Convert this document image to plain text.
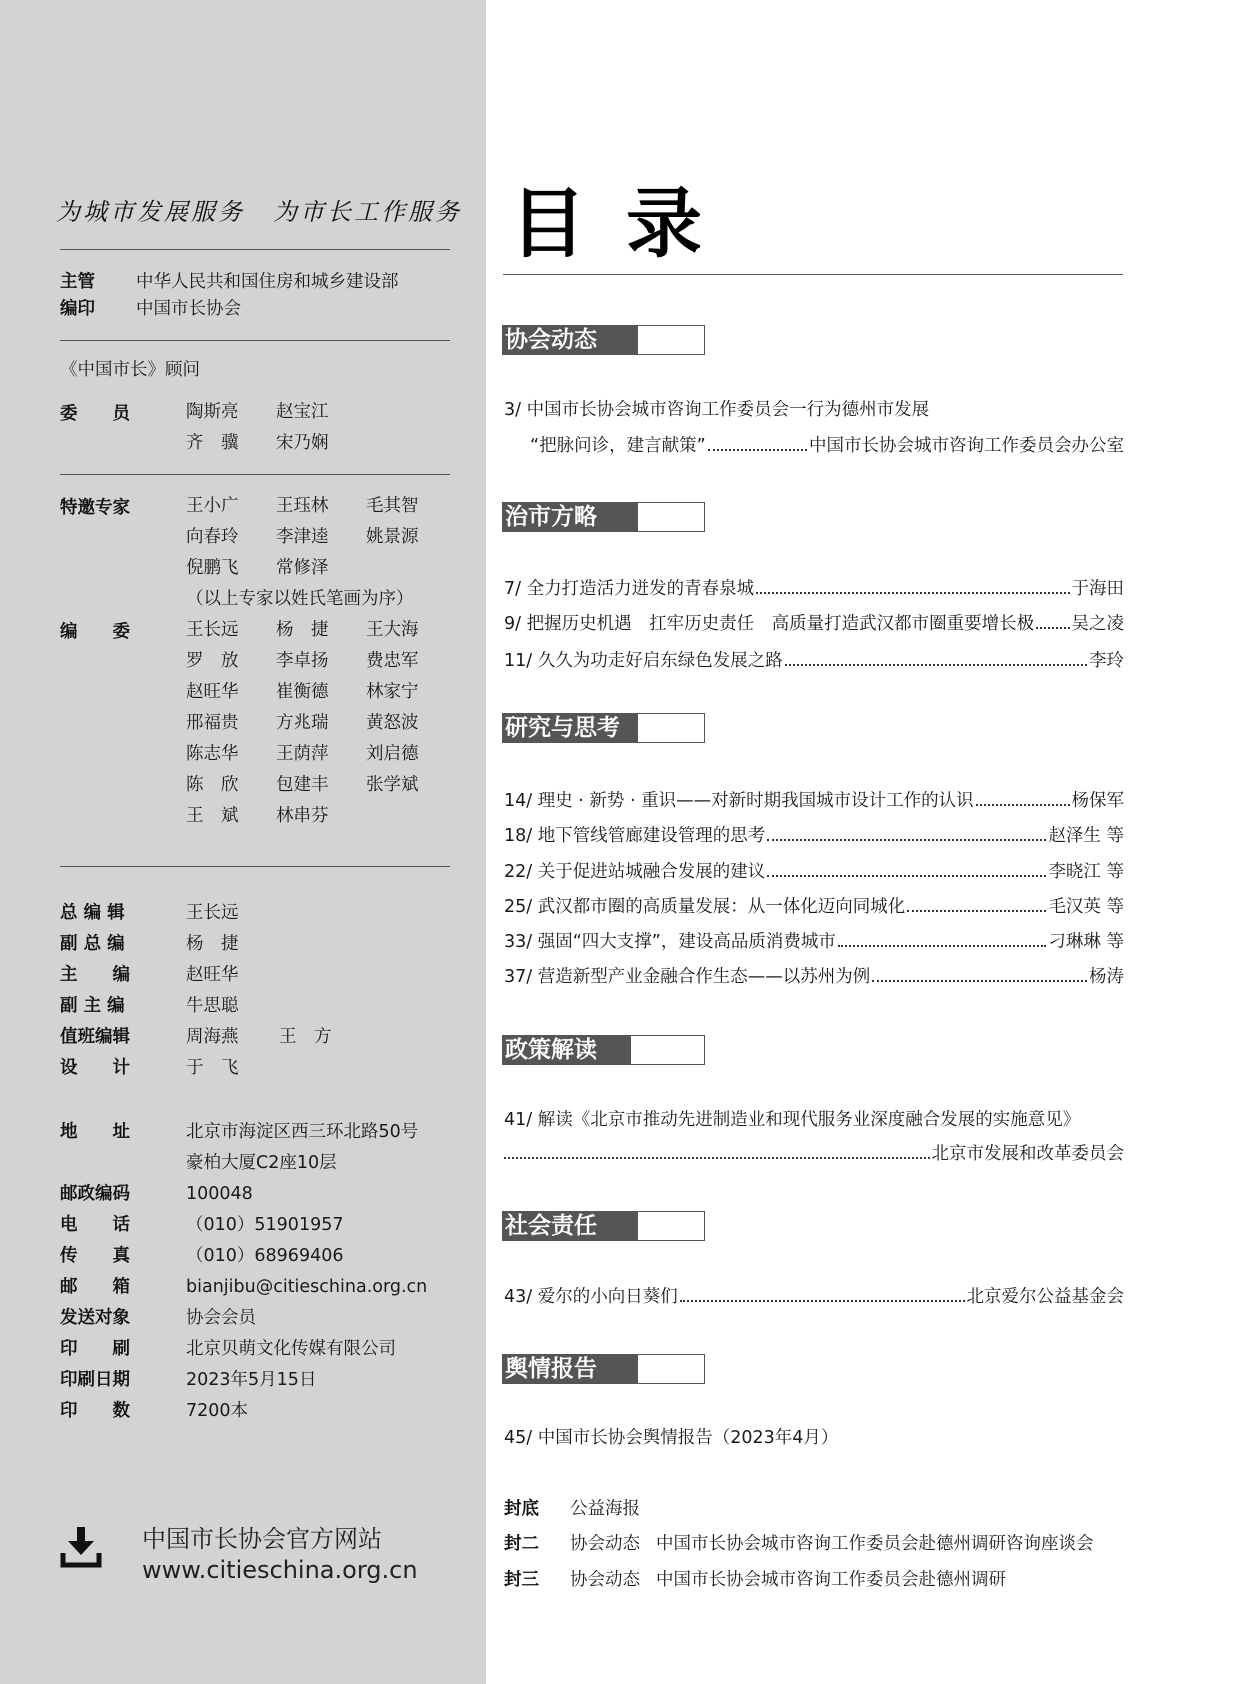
为城市发展服务 为市长工作服务
主管	中华人民共和国住房和城乡建设部
编印	中国市长协会
《中国市长》顾问
委　　员	陶斯亮	赵宝江
齐　骥	宋乃娴
特邀专家	王小广	王珏林	毛其智
向春玲	李津逵	姚景源
倪鹏飞	常修泽
（以上专家以姓氏笔画为序）
编　　委	王长远	杨　捷	王大海
罗　放	李卓扬	费忠军
赵旺华	崔衡德	林家宁
邢福贵	方兆瑞	黄怒波
陈志华	王荫萍	刘启德
陈　欣	包建丰	张学斌
王　斌	林串芬
总 编 辑	王长远
副 总 编	杨　捷
主　　编	赵旺华
副 主 编	牛思聪
值班编辑	周海燕	王　方
设　　计	于　飞
地　　址	北京市海淀区西三环北路50号
豪柏大厦C2座10层
邮政编码	100048
电　　话	（010）51901957
传　　真	（010）68969406
邮　　箱	bianjibu@citieschina.org.cn
发送对象	协会会员
印　　刷	北京贝萌文化传媒有限公司
印刷日期	2023年5月15日
印　　数	7200本
中国市长协会官方网站
www.citieschina.org.cn
目录
协会动态
3/ 中国市长协会城市咨询工作委员会一行为德州市发展
“把脉问诊，建言献策”	中国市长协会城市咨询工作委员会办公室
治市方略
7/ 全力打造活力迸发的青春泉城	于海田
9/ 把握历史机遇　扛牢历史责任　高质量打造武汉都市圈重要增长极 吴之凌
11/ 久久为功走好启东绿色发展之路	李玲
研究与思考
14/ 理史 · 新势 · 重识——对新时期我国城市设计工作的认识	杨保军
18/ 地下管线管廊建设管理的思考	赵泽生 等
22/ 关于促进站城融合发展的建议	李晓江 等
25/ 武汉都市圈的高质量发展：从一体化迈向同城化	毛汉英 等
33/ 强固“四大支撑”，建设高品质消费城市	刁琳琳 等
37/ 营造新型产业金融合作生态——以苏州为例	杨涛
政策解读
41/ 解读《北京市推动先进制造业和现代服务业深度融合发展的实施意见》
北京市发展和改革委员会
社会责任
43/ 爱尔的小向日葵们	北京爱尔公益基金会
舆情报告
45/ 中国市长协会舆情报告（2023年4月）
封底	公益海报
封二	协会动态 中国市长协会城市咨询工作委员会赴德州调研咨询座谈会
封三	协会动态 中国市长协会城市咨询工作委员会赴德州调研
